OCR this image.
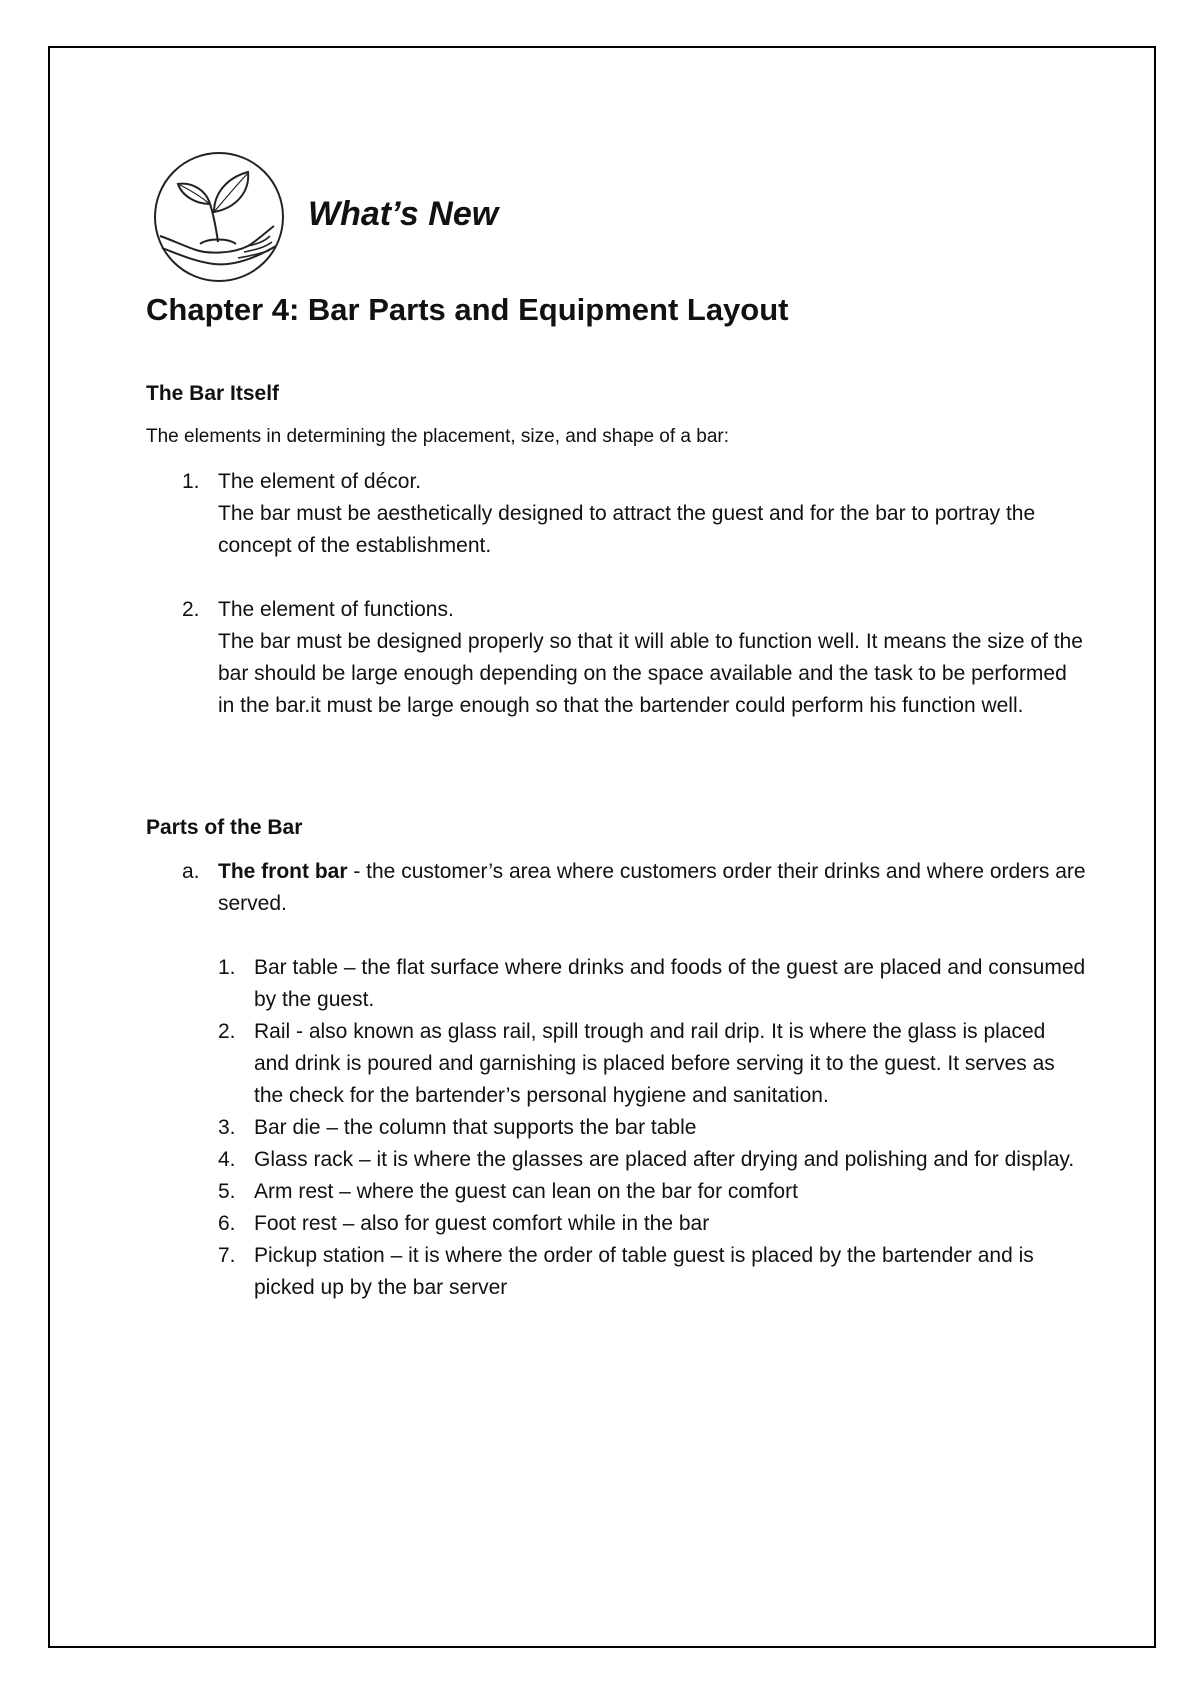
What’s New
Chapter 4: Bar Parts and Equipment Layout
The Bar Itself

The elements in determining the placement, size, and shape of a bar:

1. The element of décor.
The bar must be aesthetically designed to attract the guest and for the bar to portray the concept of the establishment.
2. The element of functions.
The bar must be designed properly so that it will able to function well. It means the size of the bar should be large enough depending on the space available and the task to be performed in the bar.it must be large enough so that the bartender could perform his function well.
Parts of the Bar
a. The front bar - the customer’s area where customers order their drinks and where orders are served.
1. Bar table – the flat surface where drinks and foods of the guest are placed and consumed by the guest.
2. Rail - also known as glass rail, spill trough and rail drip. It is where the glass is placed and drink is poured and garnishing is placed before serving it to the guest. It serves as the check for the bartender’s personal hygiene and sanitation.
3. Bar die – the column that supports the bar table
4. Glass rack – it is where the glasses are placed after drying and polishing and for display.
5. Arm rest – where the guest can lean on the bar for comfort
6. Foot rest – also for guest comfort while in the bar
7. Pickup station – it is where the order of table guest is placed by the bartender and is picked up by the bar server
